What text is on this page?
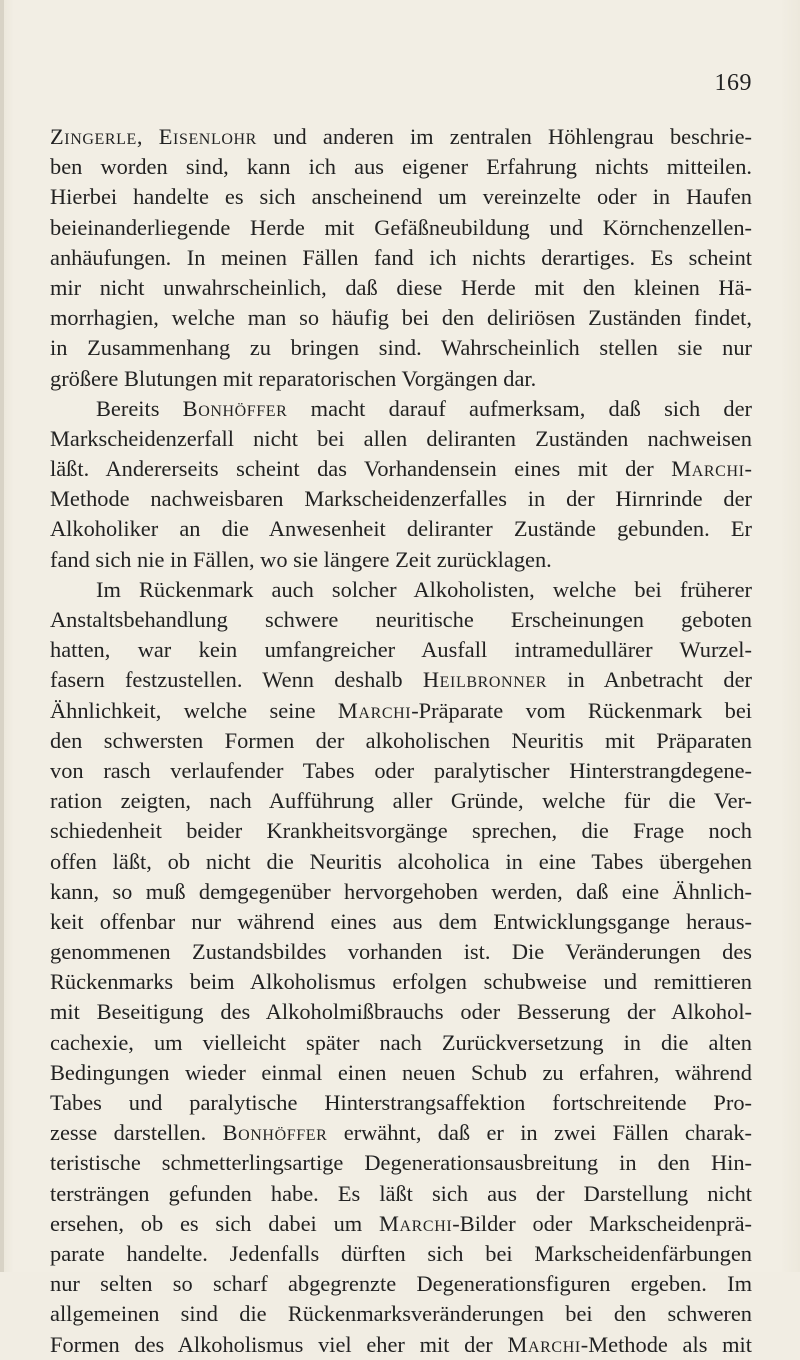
169
Zingerle, Eisenlohr und anderen im zentralen Höhlengrau beschrie-
ben worden sind, kann ich aus eigener Erfahrung nichts mitteilen.
Hierbei handelte es sich anscheinend um vereinzelte oder in Haufen
beieinanderliegende Herde mit Gefäßneubildung und Körnchenzellen-
anhäufungen. In meinen Fällen fand ich nichts derartiges. Es scheint
mir nicht unwahrscheinlich, daß diese Herde mit den kleinen Hä-
morrhagien, welche man so häufig bei den deliriösen Zuständen findet,
in Zusammenhang zu bringen sind. Wahrscheinlich stellen sie nur
größere Blutungen mit reparatorischen Vorgängen dar.
Bereits Bonhöffer macht darauf aufmerksam, daß sich der
Markscheidenzerfall nicht bei allen deliranten Zuständen nachweisen
läßt. Andererseits scheint das Vorhandensein eines mit der Marchi-
Methode nachweisbaren Markscheidenzerfalles in der Hirnrinde der
Alkoholiker an die Anwesenheit deliranter Zustände gebunden. Er
fand sich nie in Fällen, wo sie längere Zeit zurücklagen.
Im Rückenmark auch solcher Alkoholisten, welche bei früherer
Anstaltsbehandlung schwere neuritische Erscheinungen geboten
hatten, war kein umfangreicher Ausfall intramedullärer Wurzel-
fasern festzustellen. Wenn deshalb Heilbronner in Anbetracht der
Ähnlichkeit, welche seine Marchi-Präparate vom Rückenmark bei
den schwersten Formen der alkoholischen Neuritis mit Präparaten
von rasch verlaufender Tabes oder paralytischer Hinterstrangdegene-
ration zeigten, nach Aufführung aller Gründe, welche für die Ver-
schiedenheit beider Krankheitsvorgänge sprechen, die Frage noch
offen läßt, ob nicht die Neuritis alcoholica in eine Tabes übergehen
kann, so muß demgegenüber hervorgehoben werden, daß eine Ähnlich-
keit offenbar nur während eines aus dem Entwicklungsgange heraus-
genommenen Zustandsbildes vorhanden ist. Die Veränderungen des
Rückenmarks beim Alkoholismus erfolgen schubweise und remittieren
mit Beseitigung des Alkoholmißbrauchs oder Besserung der Alkohol-
cachexie, um vielleicht später nach Zurückversetzung in die alten
Bedingungen wieder einmal einen neuen Schub zu erfahren, während
Tabes und paralytische Hinterstrangsaffektion fortschreitende Pro-
zesse darstellen. Bonhöffer erwähnt, daß er in zwei Fällen charak-
teristische schmetterlingsartige Degenerationsausbreitung in den Hin-
tersträngen gefunden habe. Es läßt sich aus der Darstellung nicht
ersehen, ob es sich dabei um Marchi-Bilder oder Markscheidenprä-
parate handelte. Jedenfalls dürften sich bei Markscheidenfärbungen
nur selten so scharf abgegrenzte Degenerationsfiguren ergeben. Im
allgemeinen sind die Rückenmarksveränderungen bei den schweren
Formen des Alkoholismus viel eher mit der Marchi-Methode als mit
